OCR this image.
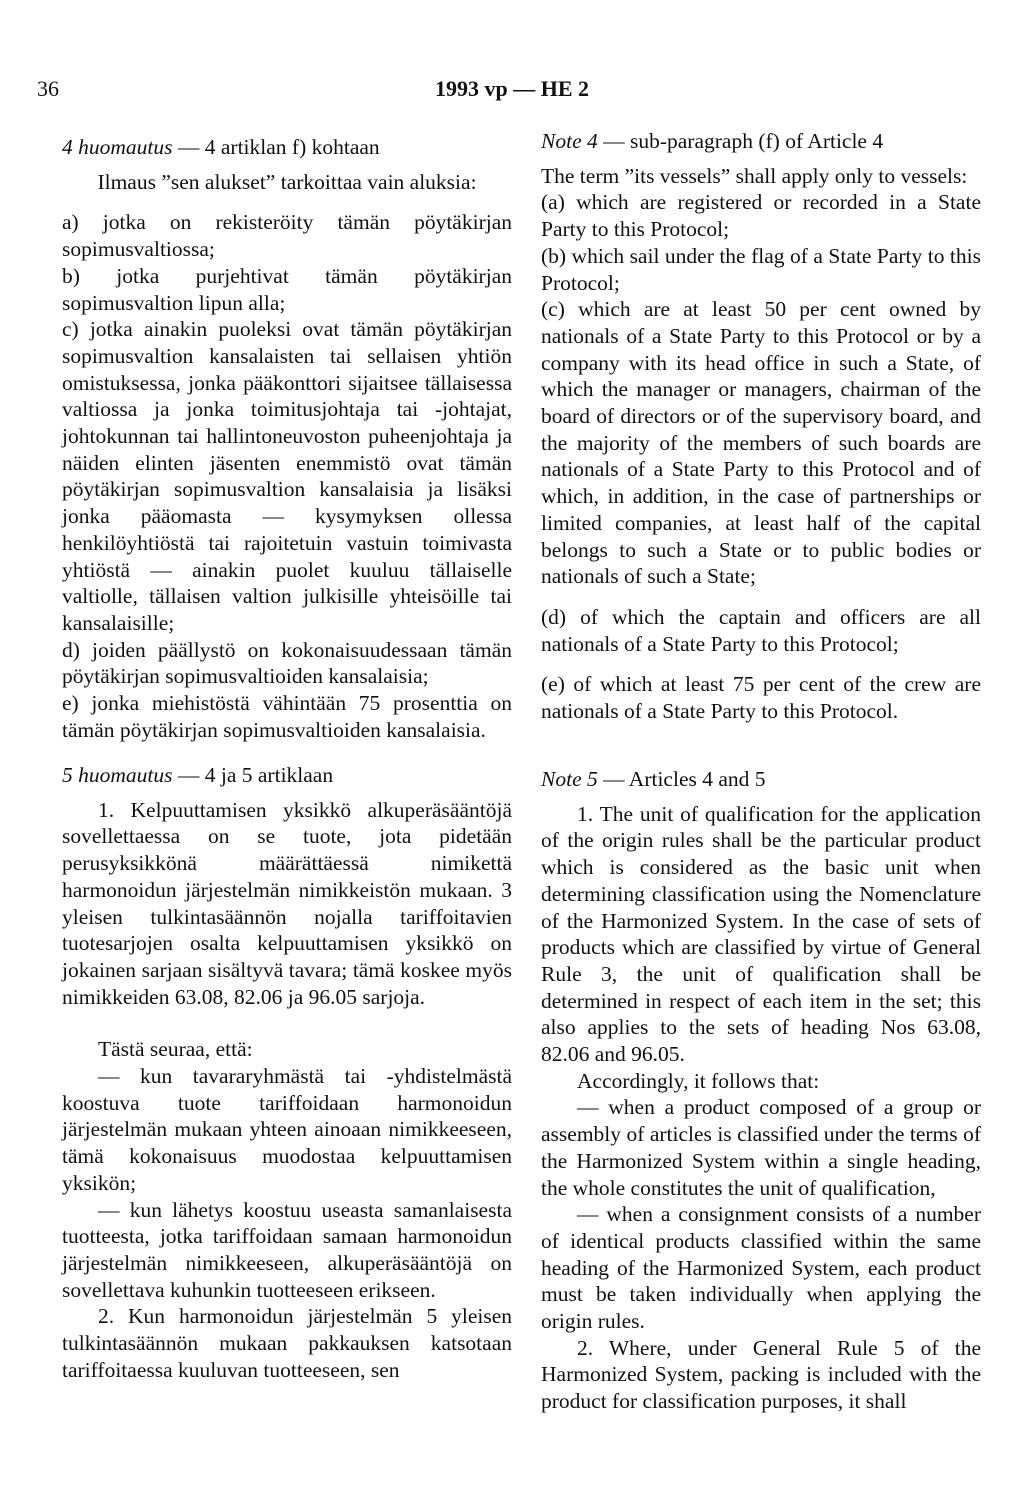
36	1993 vp — HE 2

4 huomautus — 4 artiklan f) kohtaan

Ilmaus ”sen alukset” tarkoittaa vain aluksia:

a) jotka on rekisteröity tämän pöytäkirjan sopimusvaltiossa;

b) jotka purjehtivat tämän pöytäkirjan sopimusvaltion lipun alla;

c) jotka ainakin puoleksi ovat tämän pöytäkirjan sopimusvaltion kansalaisten tai sellaisen yhtiön omistuksessa, jonka pääkonttori sijaitsee tällaisessa valtiossa ja jonka toimitusjohtaja tai -johtajat, johtokunnan tai hallintoneuvoston puheenjohtaja ja näiden elinten jäsenten enemmistö ovat tämän pöytäkirjan sopimusvaltion kansalaisia ja lisäksi jonka pääomasta — kysymyksen ollessa henkilöyhtiöstä tai rajoitetuin vastuin toimivasta yhtiöstä — ainakin puolet kuuluu tällaiselle valtiolle, tällaisen valtion julkisille yhteisöille tai kansalaisille;

d) joiden päällystö on kokonaisuudessaan tämän pöytäkirjan sopimusvaltioiden kansalaisia;

e) jonka miehistöstä vähintään 75 prosenttia on tämän pöytäkirjan sopimusvaltioiden kansalaisia.

Note 4 — sub-paragraph (f) of Article 4

The term ”its vessels” shall apply only to vessels:

(a) which are registered or recorded in a State Party to this Protocol;

(b) which sail under the flag of a State Party to this Protocol;

(c) which are at least 50 per cent owned by nationals of a State Party to this Protocol or by a company with its head office in such a State, of which the manager or managers, chairman of the board of directors or of the supervisory board, and the majority of the members of such boards are nationals of a State Party to this Protocol and of which, in addition, in the case of partnerships or limited companies, at least half of the capital belongs to such a State or to public bodies or nationals of such a State;

(d) of which the captain and officers are all nationals of a State Party to this Protocol;

(e) of which at least 75 per cent of the crew are nationals of a State Party to this Protocol.

5 huomautus — 4 ja 5 artiklaan

1. Kelpuuttamisen yksikkö alkuperäsääntöjä sovellettaessa on se tuote, jota pidetään perusyksikkönä määrättäessä nimikettä harmonoidun järjestelmän nimikkeistön mukaan. 3 yleisen tulkintasäännön nojalla tariffoitavien tuotesarjojen osalta kelpuuttamisen yksikkö on jokainen sarjaan sisältyvä tavara; tämä koskee myös nimikkeiden 63.08, 82.06 ja 96.05 sarjoja.

Tästä seuraa, että:

— kun tavararyhmästä tai -yhdistelmästä koostuva tuote tariffoidaan harmonoidun järjestelmän mukaan yhteen ainoaan nimikkeeseen, tämä kokonaisuus muodostaa kelpuuttamisen yksikön;

— kun lähetys koostuu useasta samanlaisesta tuotteesta, jotka tariffoidaan samaan harmonoidun järjestelmän nimikkeeseen, alkuperäsääntöjä on sovellettava kuhunkin tuotteeseen erikseen.

2. Kun harmonoidun järjestelmän 5 yleisen tulkintasäännön mukaan pakkauksen katsotaan tariffoitaessa kuuluvan tuotteeseen, sen

Note 5 — Articles 4 and 5

1. The unit of qualification for the application of the origin rules shall be the particular product which is considered as the basic unit when determining classification using the Nomenclature of the Harmonized System. In the case of sets of products which are classified by virtue of General Rule 3, the unit of qualification shall be determined in respect of each item in the set; this also applies to the sets of heading Nos 63.08, 82.06 and 96.05.

Accordingly, it follows that:

— when a product composed of a group or assembly of articles is classified under the terms of the Harmonized System within a single heading, the whole constitutes the unit of qualification,

— when a consignment consists of a number of identical products classified within the same heading of the Harmonized System, each product must be taken individually when applying the origin rules.

2. Where, under General Rule 5 of the Harmonized System, packing is included with the product for classification purposes, it shall
